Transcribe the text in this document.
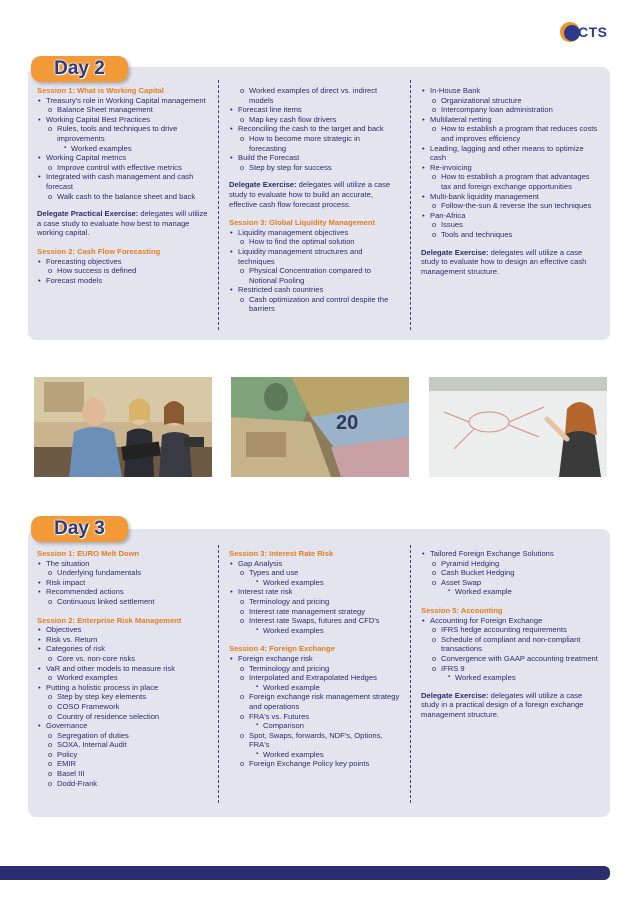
CTS
Day 2
Session 1: What is Working Capital
• Treasury's role in Working Capital management
o Balance Sheet management
• Working Capital Best Practices
o Rules, tools and techniques to drive improvements
▪ Worked examples
• Working Capital metrics
o Improve control with effective metrics
• Integrated with cash management and cash forecast
o Walk cash to the balance sheet and back
Delegate Practical Exercise: delegates will utilize a case study to evaluate how best to manage working capital.
Session 2: Cash Flow Forecasting
• Forecasting objectives
o How success is defined
• Forecast models
o Worked examples of direct vs. indirect models
• Forecast line items
o Map key cash flow drivers
• Reconciling the cash to the target and back
o How to become more strategic in forecasting
• Build the Forecast
o Step by step for success
Delegate Exercise: delegates will utilize a case study to evaluate how to build an accurate, effective cash flow forecast process.
Session 3: Global Liquidity Management
• Liquidity management objectives
o How to find the optimal solution
• Liquidity management structures and techniques
o Physical Concentration compared to Notional Pooling
• Restricted cash countries
o Cash optimization and control despite the barriers
• In-House Bank
o Organizational structure
o Intercompany loan administration
• Multilateral netting
o How to establish a program that reduces costs and improves efficiency
• Leading, lagging and other means to optimize cash
• Re-invoicing
o How to establish a program that advantages tax and foreign exchange opportunities
• Multi-bank liquidity management
o Follow-the-sun & reverse the sun techniques
• Pan-Africa
o Issues
o Tools and techniques
Delegate Exercise: delegates will utilize a case study to evaluate how to design an effective cash management structure.
20
Day 3
Session 1: EURO Melt Down
• The situation
o Underlying fundamentals
• Risk impact
• Recommended actions
o Continuous linked settlement
Session 2: Enterprise Risk Management
• Objectives
• Risk vs. Return
• Categories of risk
o Core vs. non-core risks
• VaR and other models to measure risk
o Worked examples
• Putting a holistic process in place
o Step by step key elements
o COSO Framework
o Country of residence selection
• Governance
o Segregation of duties
o SOXA, Internal Audit
o Policy
o EMIR
o Basel III
o Dodd-Frank
Session 3: Interest Rate Risk
• Gap Analysis
o Types and use
▪ Worked examples
• Interest rate risk
o Terminology and pricing
o Interest rate management strategy
o Interest rate Swaps, futures and CFD's
▪ Worked examples
Session 4: Foreign Exchange
• Foreign exchange risk
o Terminology and pricing
o Interpolated and Extrapolated Hedges
▪ Worked example
o Foreign exchange risk management strategy and operations
o FRA's vs. Futures
▪ Comparison
o Spot, Swaps, forwards, NDF's, Options, FRA's
▪ Worked examples
o Foreign Exchange Policy key points
• Tailored Foreign Exchange Solutions
o Pyramid Hedging
o Cash Bucket Hedging
o Asset Swap
▪ Worked example
Session 5: Accounting
• Accounting for Foreign Exchange
o IFRS hedge accounting requirements
o Schedule of compliant and non-compliant transactions
o Convergence with GAAP accounting treatment
o IFRS 9
▪ Worked examples
Delegate Exercise: delegates will utilize a case study in a practical design of a foreign exchange management structure.
